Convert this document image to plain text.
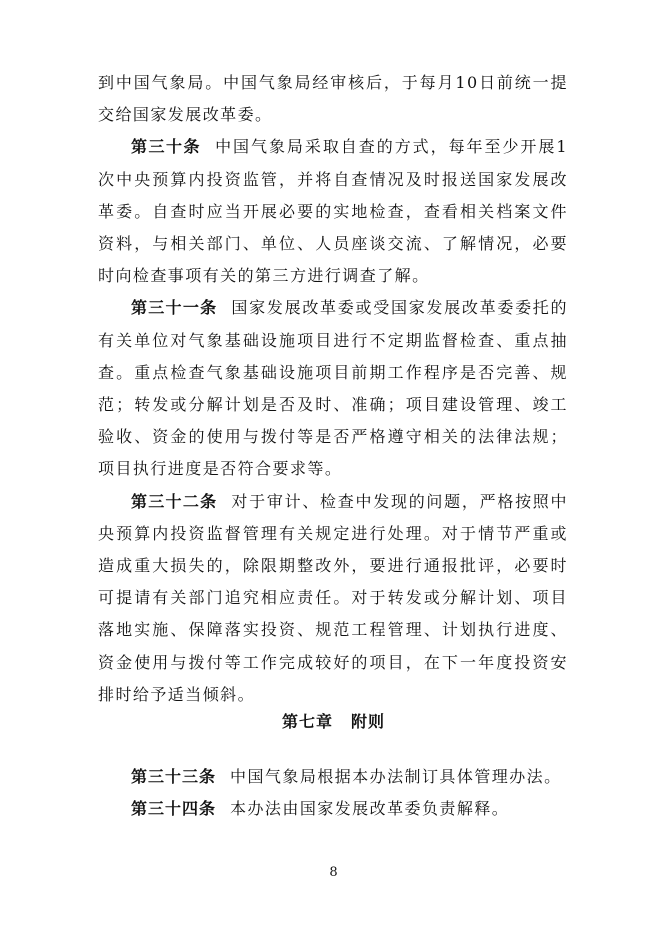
到中国气象局。中国气象局经审核后，于每月10日前统一提交给国家发展改革委。

第三十条 中国气象局采取自查的方式，每年至少开展1次中央预算内投资监管，并将自查情况及时报送国家发展改革委。自查时应当开展必要的实地检查，查看相关档案文件资料，与相关部门、单位、人员座谈交流、了解情况，必要时向检查事项有关的第三方进行调查了解。

第三十一条 国家发展改革委或受国家发展改革委委托的有关单位对气象基础设施项目进行不定期监督检查、重点抽查。重点检查气象基础设施项目前期工作程序是否完善、规范；转发或分解计划是否及时、准确；项目建设管理、竣工验收、资金的使用与拨付等是否严格遵守相关的法律法规；项目执行进度是否符合要求等。

第三十二条 对于审计、检查中发现的问题，严格按照中央预算内投资监督管理有关规定进行处理。对于情节严重或造成重大损失的，除限期整改外，要进行通报批评，必要时可提请有关部门追究相应责任。对于转发或分解计划、项目落地实施、保障落实投资、规范工程管理、计划执行进度、资金使用与拨付等工作完成较好的项目，在下一年度投资安排时给予适当倾斜。

第七章 附则

第三十三条 中国气象局根据本办法制订具体管理办法。

第三十四条 本办法由国家发展改革委负责解释。

8
